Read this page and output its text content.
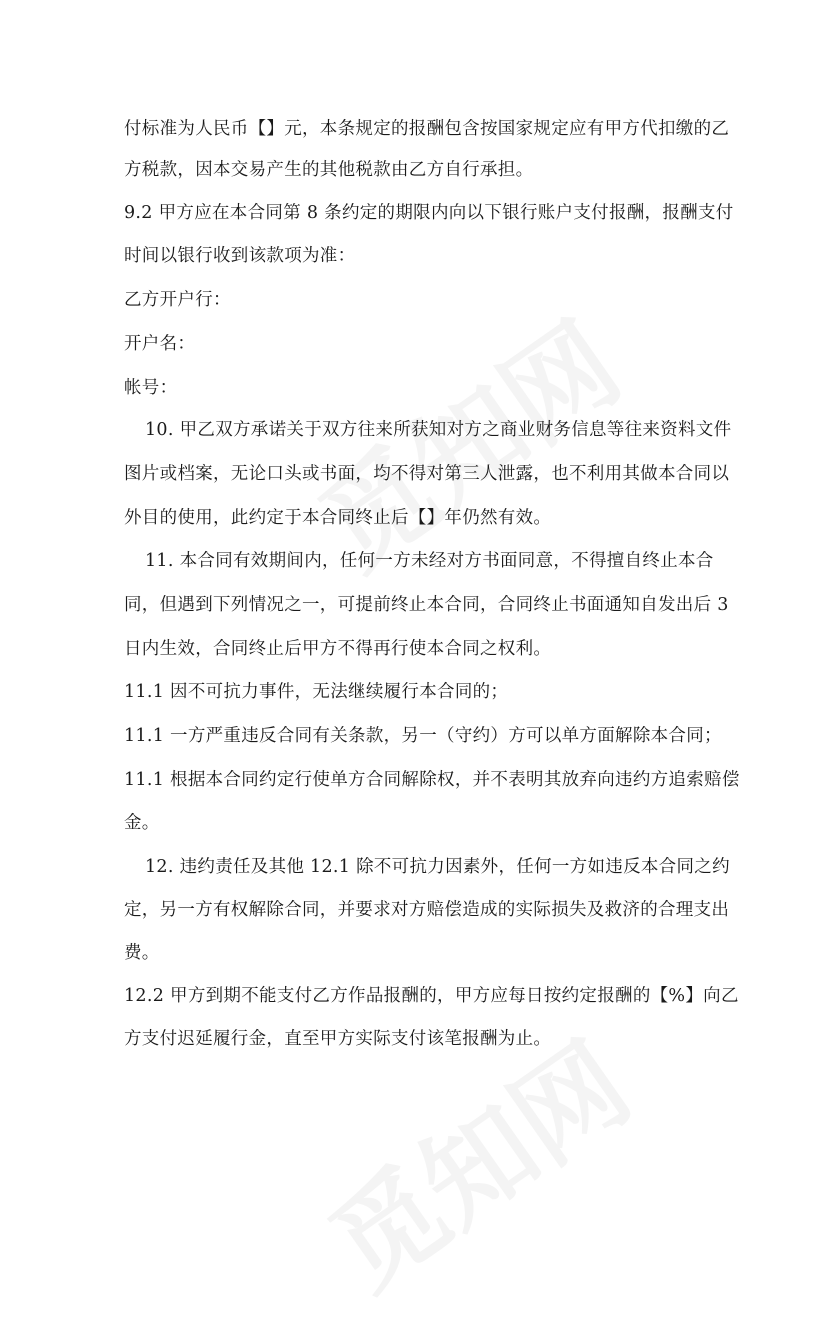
付标准为人民币【】元，本条规定的报酬包含按国家规定应有甲方代扣缴的乙
方税款，因本交易产生的其他税款由乙方自行承担。
9.2 甲方应在本合同第 8 条约定的期限内向以下银行账户支付报酬，报酬支付
时间以银行收到该款项为准：
乙方开户行：
开户名：
帐号：
10. 甲乙双方承诺关于双方往来所获知对方之商业财务信息等往来资料文件
图片或档案，无论口头或书面，均不得对第三人泄露，也不利用其做本合同以
外目的使用，此约定于本合同终止后【】年仍然有效。
11. 本合同有效期间内，任何一方未经对方书面同意，不得擅自终止本合
同，但遇到下列情况之一，可提前终止本合同，合同终止书面通知自发出后 3
日内生效，合同终止后甲方不得再行使本合同之权利。
11.1 因不可抗力事件，无法继续履行本合同的；
11.1 一方严重违反合同有关条款，另一（守约）方可以单方面解除本合同；
11.1 根据本合同约定行使单方合同解除权，并不表明其放弃向违约方追索赔偿
金。
12. 违约责任及其他 12.1 除不可抗力因素外，任何一方如违反本合同之约
定，另一方有权解除合同，并要求对方赔偿造成的实际损失及救济的合理支出
费。
12.2 甲方到期不能支付乙方作品报酬的，甲方应每日按约定报酬的【%】向乙
方支付迟延履行金，直至甲方实际支付该笔报酬为止。
